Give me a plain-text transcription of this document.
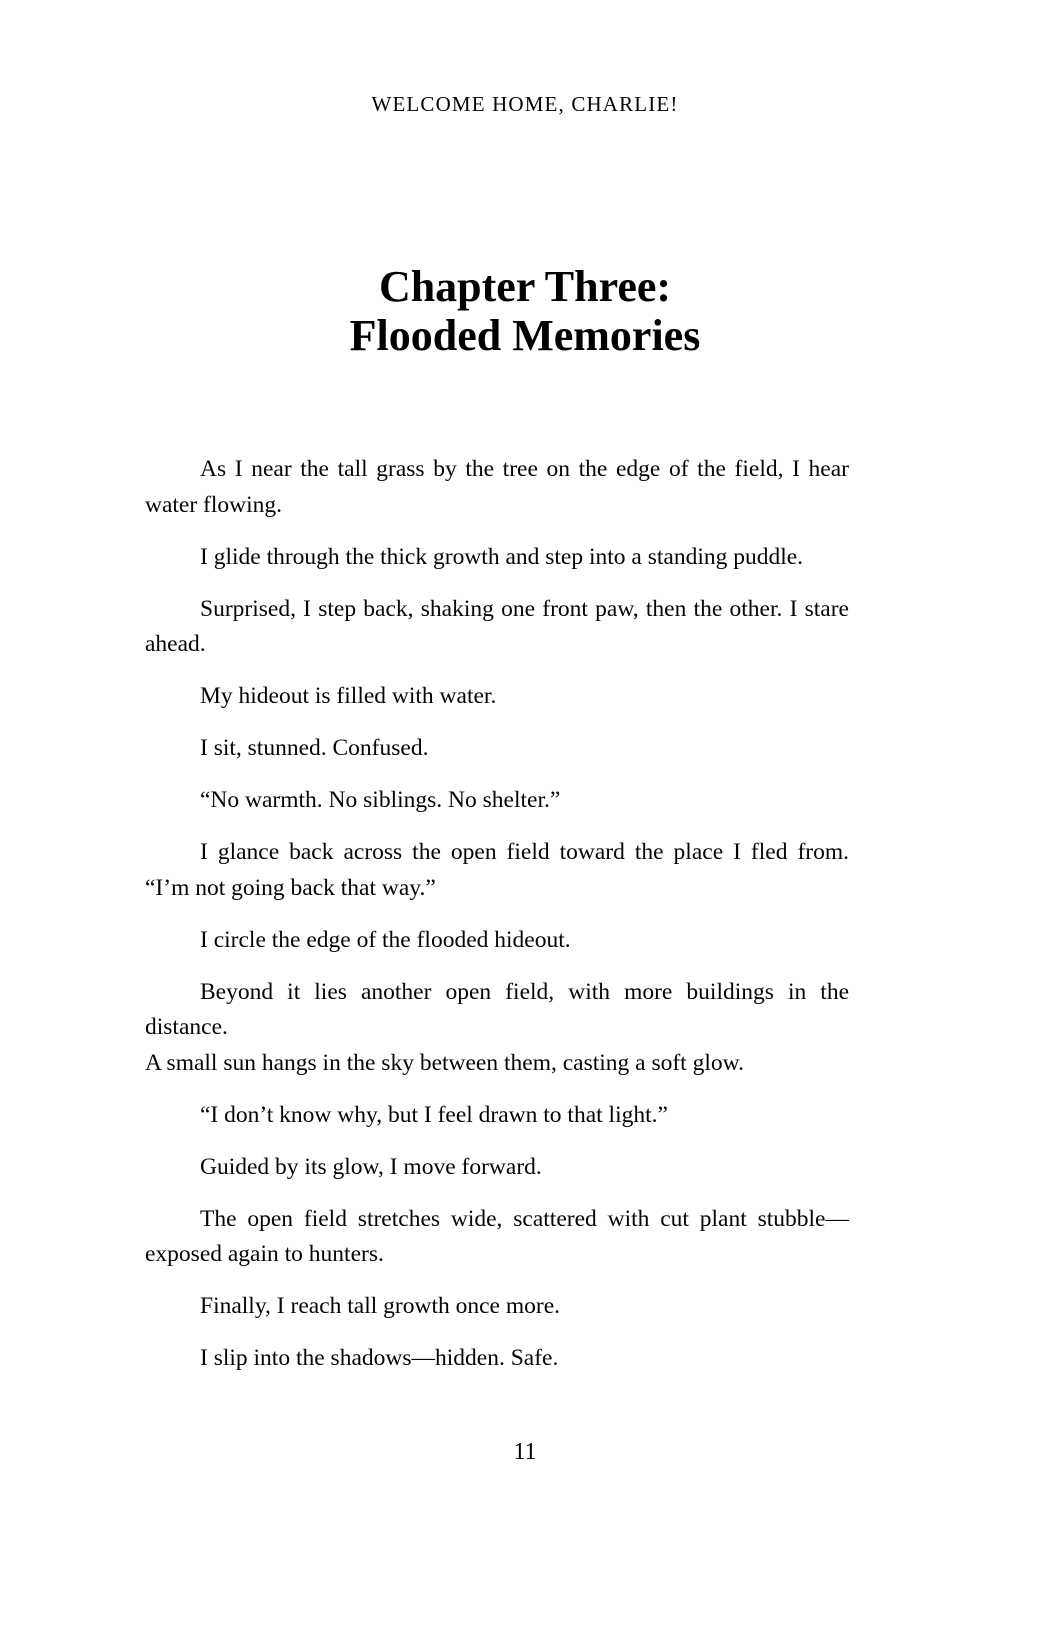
WELCOME HOME, CHARLIE!
Chapter Three:
Flooded Memories

As I near the tall grass by the tree on the edge of the field, I hear water flowing.

I glide through the thick growth and step into a standing puddle.

Surprised, I step back, shaking one front paw, then the other. I stare ahead.

My hideout is filled with water.

I sit, stunned. Confused.

“No warmth. No siblings. No shelter.”

I glance back across the open field toward the place I fled from. “I’m not going back that way.”

I circle the edge of the flooded hideout.

Beyond it lies another open field, with more buildings in the distance.
A small sun hangs in the sky between them, casting a soft glow.

“I don’t know why, but I feel drawn to that light.”

Guided by its glow, I move forward.

The open field stretches wide, scattered with cut plant stubble—exposed again to hunters.

Finally, I reach tall growth once more.

I slip into the shadows—hidden. Safe.

11
